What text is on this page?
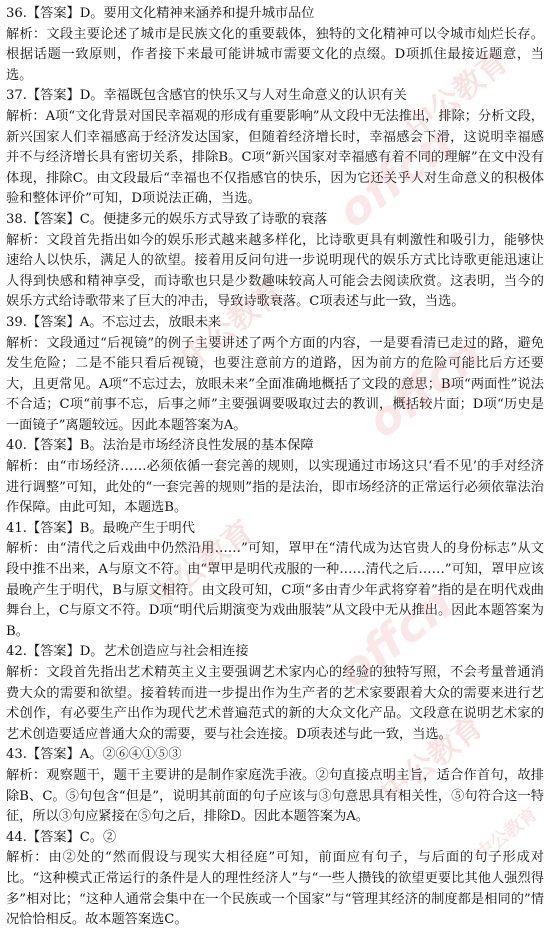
36.【答案】D。要用文化精神来涵养和提升城市品位

解析：文段主要论述了城市是民族文化的重要载体，独特的文化精神可以令城市灿烂长存。根据话题一致原则，作者接下来最可能讲城市需要文化的点缀。D项抓住最接近题意，当选。

37.【答案】D。幸福既包含感官的快乐又与人对生命意义的认识有关

解析：A项“文化背景对国民幸福观的形成有重要影响”从文段中无法推出，排除；分析文段，新兴国家人们幸福感高于经济发达国家，但随着经济增长时，幸福感会下滑，这说明幸福感并不与经济增长具有密切关系，排除B。C项“新兴国家对幸福感有着不同的理解”在文中没有体现，排除C。由文段最后“幸福也不仅指感官的快乐，因为它还关乎人对生命意义的积极体验和整体评价”可知，D项说法正确，当选。

38.【答案】C。便捷多元的娱乐方式导致了诗歌的衰落

解析：文段首先指出如今的娱乐形式越来越多样化，比诗歌更具有刺激性和吸引力，能够快速给人以快乐，满足人的欲望。接着用反问句进一步说明现代的娱乐方式比诗歌更能迅速让人得到快感和精神享受，而诗歌也只是少数趣味较高人可能会去阅读欣赏。这表明，当今的娱乐方式给诗歌带来了巨大的冲击，导致诗歌衰落。C项表述与此一致，当选。

39.【答案】A。不忘过去，放眼未来

解析：文段通过“后视镜”的例子主要讲述了两个方面的内容，一是要看清已走过的路，避免发生危险；二是不能只看后视镜，也要注意前方的道路，因为前方的危险可能比后方还要大，且更常见。A项“不忘过去，放眼未来”全面准确地概括了文段的意思；B项“两面性”说法不合适；C项“前事不忘，后事之师”主要强调要吸取过去的教训，概括较片面；D项“历史是一面镜子”离题较远。因此本题答案为A。

40.【答案】B。法治是市场经济良性发展的基本保障

解析：由“市场经济……必须依循一套完善的规则，以实现通过市场这只‘看不见’的手对经济进行调整”可知，此处的“一套完善的规则”指的是法治，即市场经济的正常运行必须依靠法治作保障。由此可知，本题选B。

41.【答案】B。最晚产生于明代

解析：由“清代之后戏曲中仍然沿用……”可知，罩甲在“清代成为达官贵人的身份标志”从文段中推不出来，A与原文不符。由“罩甲是明代戎服的一种……清代之后……”可知，罩甲应该最晚产生于明代，B与原文相符。由文段可知，C项“多由青少年武将穿着”指的是在明代戏曲舞台上，C与原文不符。D项“明代后期演变为戏曲服装”从文段中无从推出。因此本题答案为B。

42.【答案】D。艺术创造应与社会相连接

解析：文段首先指出艺术精英主义主要强调艺术家内心的经验的独特写照，不会考量普通消费大众的需要和欲望。接着转而进一步提出作为生产者的艺术家要跟着大众的需要来进行艺术创作，有必要生产出作为现代艺术普遍范式的新的大众文化产品。文段意在说明艺术家的艺术创造要适应普通大众的需要，要与社会连接。D项表述与此一致，当选。

43.【答案】A。②⑥④①⑤③

解析：观察题干，题干主要讲的是制作家庭洗手液。②句直接点明主旨，适合作首句，故排除B、C。⑤句包含“但是”，说明其前面的句子应该与③句意思具有相关性，⑤句符合这一特征，所以③句应紧接在⑤句之后，排除D。因此本题答案为A。

44.【答案】C。②

解析：由②处的“然而假设与现实大相径庭”可知，前面应有句子，与后面的句子形成对比。“这种模式正常运行的条件是人的理性经济人”与“一些人攒钱的欲望更要比其他人强烈得多”相对比；“这种人通常会集中在一个民族或一个国家”与“管理其经济的制度都是相同的”情况恰恰相反。故本题答案选C。

中公教育
offcn
中公教育
offcn
中公教育
offcn
中公教育
中公教育
